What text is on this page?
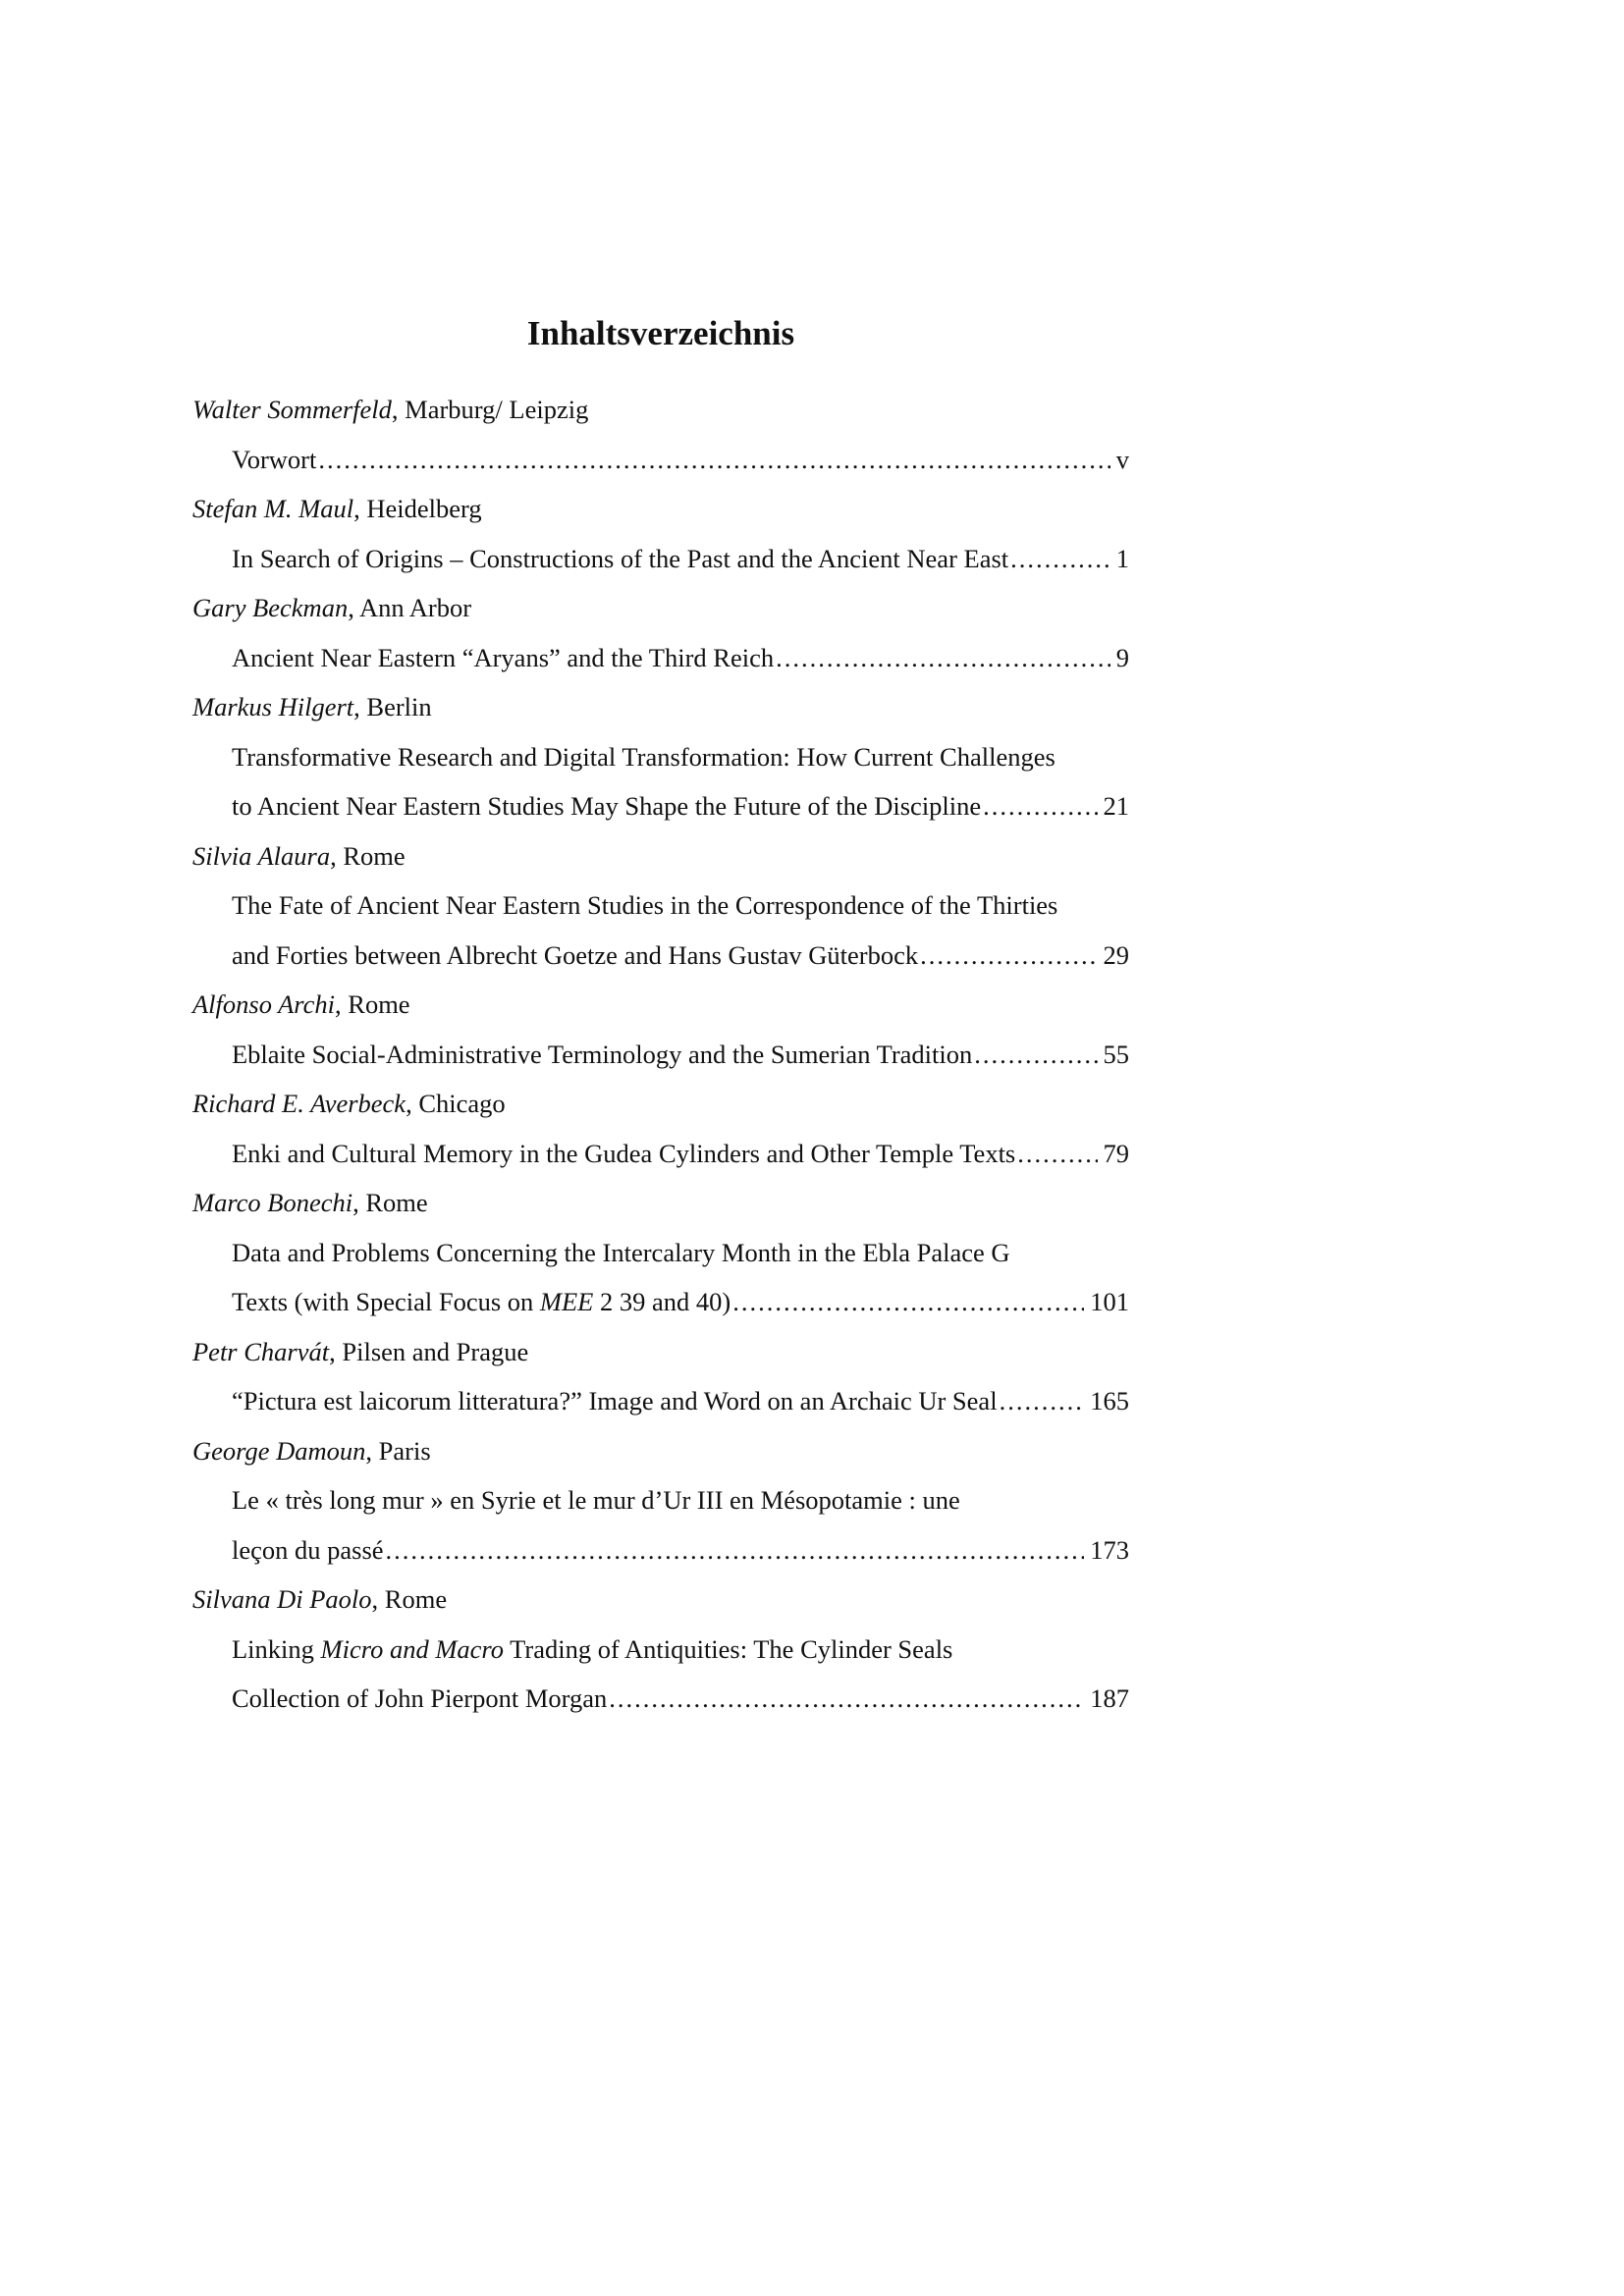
Inhaltsverzeichnis
Walter Sommerfeld, Marburg/ Leipzig
Vorwort .....	v
Stefan M. Maul, Heidelberg
In Search of Origins – Constructions of the Past and the Ancient Near East .....	1
Gary Beckman, Ann Arbor
Ancient Near Eastern “Aryans” and the Third Reich .....	9
Markus Hilgert, Berlin
Transformative Research and Digital Transformation: How Current Challenges
to Ancient Near Eastern Studies May Shape the Future of the Discipline .....	21
Silvia Alaura, Rome
The Fate of Ancient Near Eastern Studies in the Correspondence of the Thirties
and Forties between Albrecht Goetze and Hans Gustav Güterbock .....	29
Alfonso Archi, Rome
Eblaite Social-Administrative Terminology and the Sumerian Tradition .....	55
Richard E. Averbeck, Chicago
Enki and Cultural Memory in the Gudea Cylinders and Other Temple Texts .....	79
Marco Bonechi, Rome
Data and Problems Concerning the Intercalary Month in the Ebla Palace G
Texts (with Special Focus on MEE 2 39 and 40) .....	101
Petr Charvát, Pilsen and Prague
“Pictura est laicorum litteratura?” Image and Word on an Archaic Ur Seal .....	165
George Damoun, Paris
Le « très long mur » en Syrie et le mur d’Ur III en Mésopotamie : une
leçon du passé .....	173
Silvana Di Paolo, Rome
Linking Micro and Macro Trading of Antiquities: The Cylinder Seals
Collection of John Pierpont Morgan .....	187
